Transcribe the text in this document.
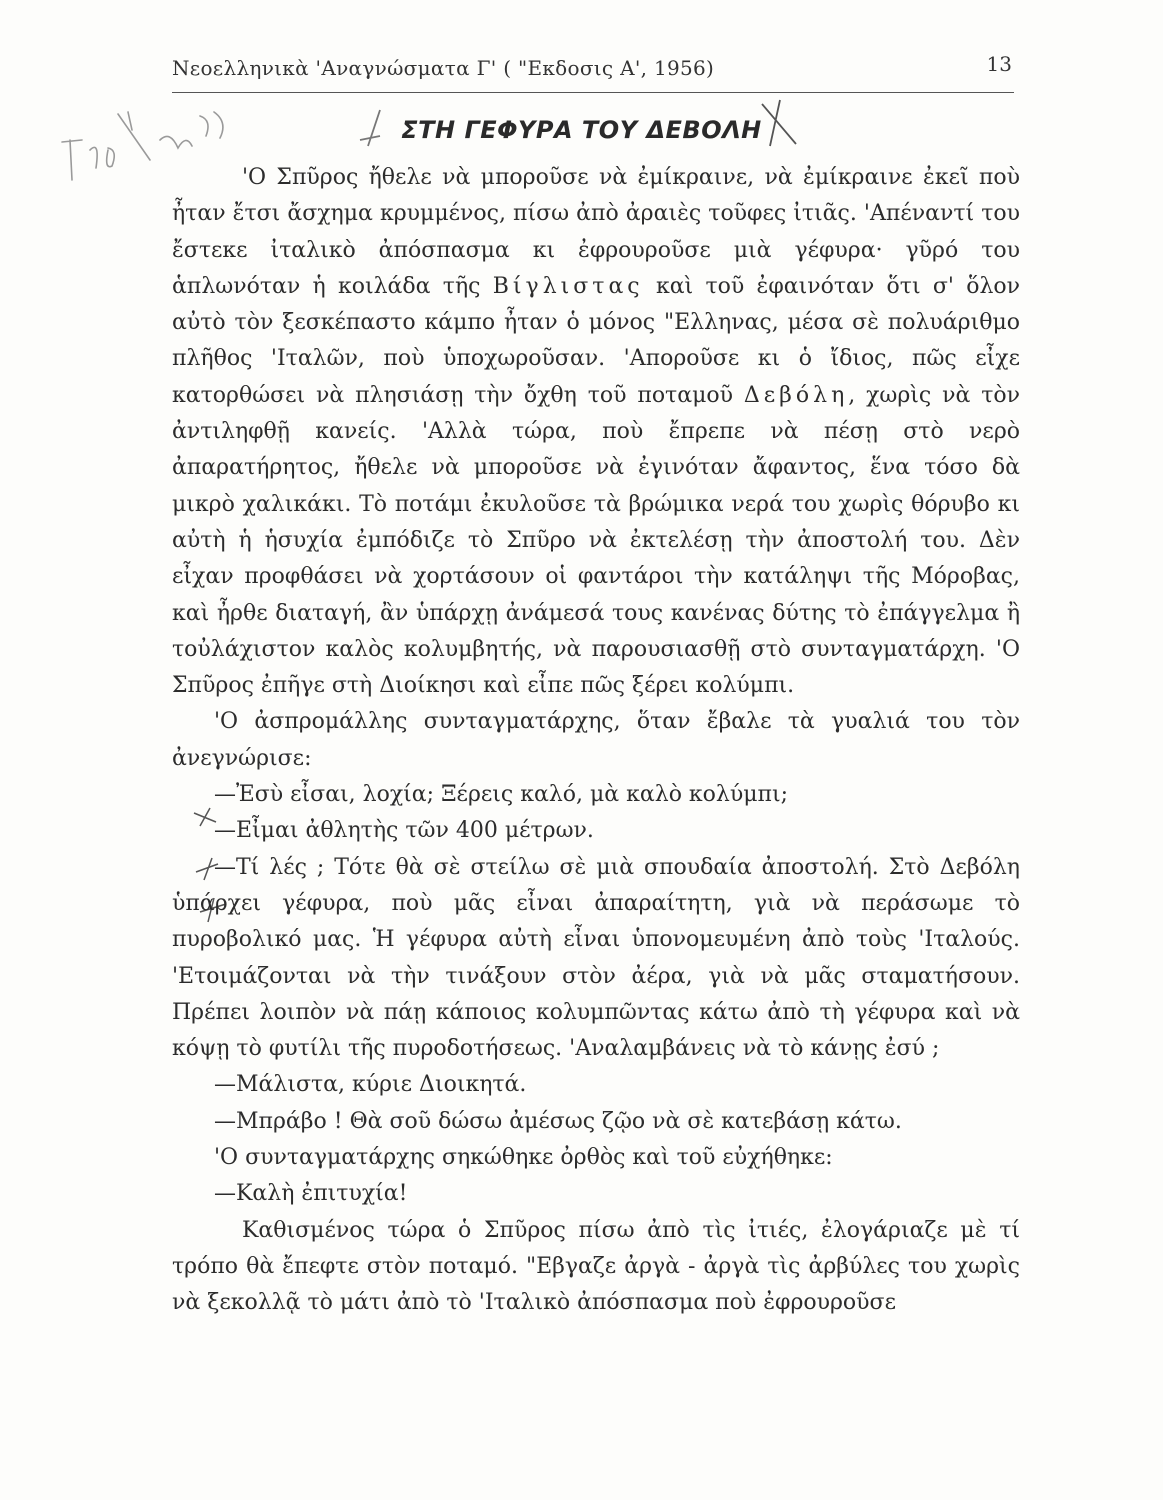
Νεοελληνικὰ 'Αναγνώσματα Γ' ( "Εκδοσις Α', 1956)	13
ΣΤΗ ΓΕΦΥΡΑ ΤΟΥ ΔΕΒΟΛΗ

'Ο Σπῦρος ἤθελε νὰ μποροῦσε νὰ ἐμίκραινε, νὰ ἐμίκραινε ἐκεῖ ποὺ ἦταν ἔτσι ἄσχημα κρυμμένος, πίσω ἀπὸ ἀραιὲς τοῦφες ἰτιᾶς. 'Απέναντί του ἔστεκε ἰταλικὸ ἀπόσπασμα κι ἐφρουροῦσε μιὰ γέφυρα· γῦρό του ἁπλωνόταν ἡ κοιλάδα τῆς Βίγλιστας καὶ τοῦ ἐφαινόταν ὅτι σ' ὅλον αὐτὸ τὸν ξεσκέπαστο κάμπο ἦταν ὁ μόνος "Ελληνας, μέσα σὲ πολυάριθμο πλῆθος 'Ιταλῶν, ποὺ ὑποχωροῦσαν. 'Αποροῦσε κι ὁ ἴδιος, πῶς εἶχε κατορθώσει νὰ πλησιάσῃ τὴν ὄχθη τοῦ ποταμοῦ Δεβόλη, χωρὶς νὰ τὸν ἀντιληφθῇ κανείς. 'Αλλὰ τώρα, ποὺ ἔπρεπε νὰ πέσῃ στὸ νερὸ ἀπαρατήρητος, ἤθελε νὰ μποροῦσε νὰ ἐγινόταν ἄφαντος, ἕνα τόσο δὰ μικρὸ χαλικάκι. Τὸ ποτάμι ἐκυλοῦσε τὰ βρώμικα νερά του χωρὶς θόρυβο κι αὐτὴ ἡ ἡσυχία ἐμπόδιζε τὸ Σπῦρο νὰ ἐκτελέσῃ τὴν ἀποστολή του. Δὲν εἶχαν προφθάσει νὰ χορτάσουν οἱ φαντάροι τὴν κατάληψι τῆς Μόροβας, καὶ ἦρθε διαταγή, ἂν ὑπάρχῃ ἀνάμεσά τους κανένας δύτης τὸ ἐπάγγελμα ἢ τοὐλάχιστον καλὸς κολυμβητής, νὰ παρουσιασθῇ στὸ συνταγματάρχη. 'Ο Σπῦρος ἐπῆγε στὴ Διοίκησι καὶ εἶπε πῶς ξέρει κολύμπι.

'Ο ἀσπρομάλλης συνταγματάρχης, ὅταν ἔβαλε τὰ γυαλιά του τὸν ἀνεγνώρισε:

—Ἐσὺ εἶσαι, λοχία; Ξέρεις καλό, μὰ καλὸ κολύμπι;

—Εἶμαι ἀθλητὴς τῶν 400 μέτρων.

—Τί λές ; Τότε θὰ σὲ στείλω σὲ μιὰ σπουδαία ἀποστολή. Στὸ Δεβόλη ὑπάρχει γέφυρα, ποὺ μᾶς εἶναι ἀπαραίτητη, γιὰ νὰ περάσωμε τὸ πυροβολικό μας. Ἡ γέφυρα αὐτὴ εἶναι ὑπονομευμένη ἀπὸ τοὺς 'Ιταλούς. 'Ετοιμάζονται νὰ τὴν τινάξουν στὸν ἀέρα, γιὰ νὰ μᾶς σταματήσουν. Πρέπει λοιπὸν νὰ πάῃ κάποιος κολυμπῶντας κάτω ἀπὸ τὴ γέφυρα καὶ νὰ κόψῃ τὸ φυτίλι τῆς πυροδοτήσεως. 'Αναλαμβάνεις νὰ τὸ κάνῃς ἐσύ ;

—Μάλιστα, κύριε Διοικητά.

—Μπράβο ! Θὰ σοῦ δώσω ἀμέσως ζῷο νὰ σὲ κατεβάσῃ κάτω.

'Ο συνταγματάρχης σηκώθηκε ὀρθὸς καὶ τοῦ εὐχήθηκε:

—Καλὴ ἐπιτυχία!

Καθισμένος τώρα ὁ Σπῦρος πίσω ἀπὸ τὶς ἰτιές, ἐλογάριαζε μὲ τί τρόπο θὰ ἔπεφτε στὸν ποταμό. "Εβγαζε ἀργὰ - ἀργὰ τὶς ἀρβύλες του χωρὶς νὰ ξεκολλᾷ τὸ μάτι ἀπὸ τὸ 'Ιταλικὸ ἀπόσπασμα ποὺ ἐφρουροῦσε
